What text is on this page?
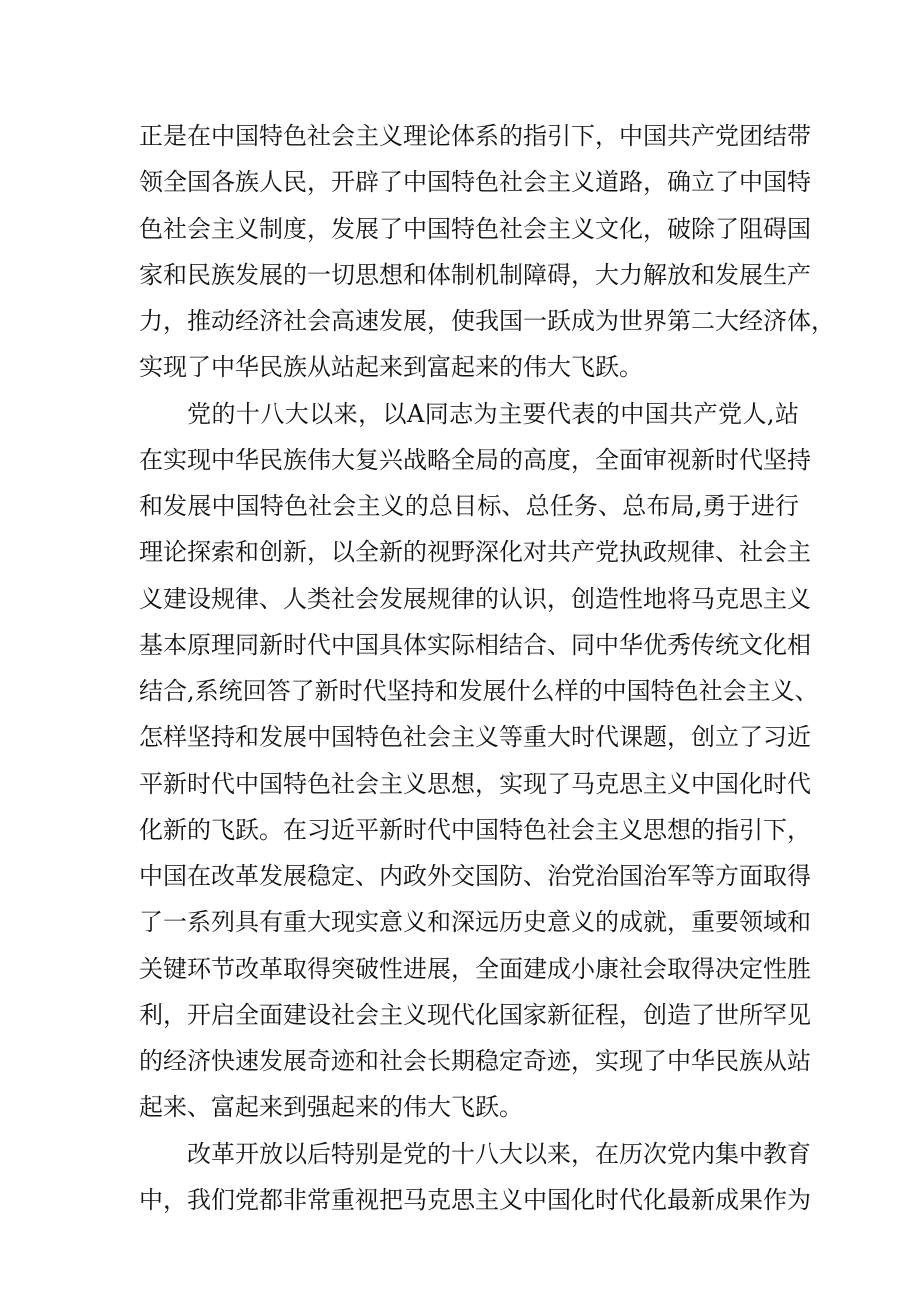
正是在中国特色社会主义理论体系的指引下，中国共产党团结带
领全国各族人民，开辟了中国特色社会主义道路，确立了中国特
色社会主义制度，发展了中国特色社会主义文化，破除了阻碍国
家和民族发展的一切思想和体制机制障碍，大力解放和发展生产
力，推动经济社会高速发展，使我国一跃成为世界第二大经济体，
实现了中华民族从站起来到富起来的伟大飞跃。
党的十八大以来，以A同志为主要代表的中国共产党人,站
在实现中华民族伟大复兴战略全局的高度，全面审视新时代坚持
和发展中国特色社会主义的总目标、总任务、总布局,勇于进行
理论探索和创新，以全新的视野深化对共产党执政规律、社会主
义建设规律、人类社会发展规律的认识，创造性地将马克思主义
基本原理同新时代中国具体实际相结合、同中华优秀传统文化相
结合,系统回答了新时代坚持和发展什么样的中国特色社会主义、
怎样坚持和发展中国特色社会主义等重大时代课题，创立了习近
平新时代中国特色社会主义思想，实现了马克思主义中国化时代
化新的飞跃。在习近平新时代中国特色社会主义思想的指引下，
中国在改革发展稳定、内政外交国防、治党治国治军等方面取得
了一系列具有重大现实意义和深远历史意义的成就，重要领域和
关键环节改革取得突破性进展，全面建成小康社会取得决定性胜
利，开启全面建设社会主义现代化国家新征程，创造了世所罕见
的经济快速发展奇迹和社会长期稳定奇迹，实现了中华民族从站
起来、富起来到强起来的伟大飞跃。
改革开放以后特别是党的十八大以来，在历次党内集中教育
中，我们党都非常重视把马克思主义中国化时代化最新成果作为
